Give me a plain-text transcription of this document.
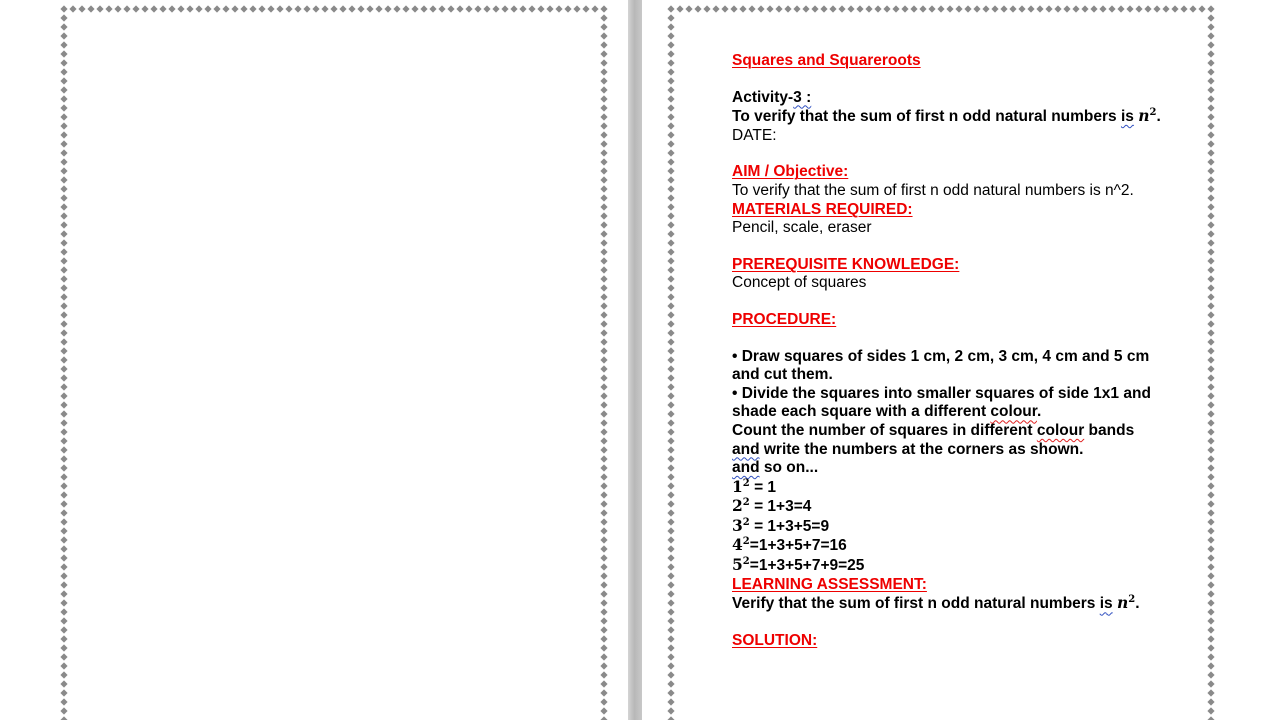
Squares and Squareroots
Activity-3 :
To verify that the sum of first n odd natural numbers is $n^2$.
DATE:
AIM / Objective:
To verify that the sum of first n odd natural numbers is n^2.
MATERIALS REQUIRED:
Pencil, scale, eraser
PREREQUISITE KNOWLEDGE:
Concept of squares
PROCEDURE:
• Draw squares of sides 1 cm, 2 cm, 3 cm, 4 cm and 5 cm
and cut them.
• Divide the squares into smaller squares of side 1x1 and
shade each square with a different colour.
Count the number of squares in different colour bands
and write the numbers at the corners as shown.
and so on...
$1^2 = 1$
$2^2 = 1+3=4$
$3^2 = 1+3+5=9$
$4^2=1+3+5+7=16$
$5^2=1+3+5+7+9=25$
LEARNING ASSESSMENT:
Verify that the sum of first n odd natural numbers is $n^2$.
SOLUTION:
